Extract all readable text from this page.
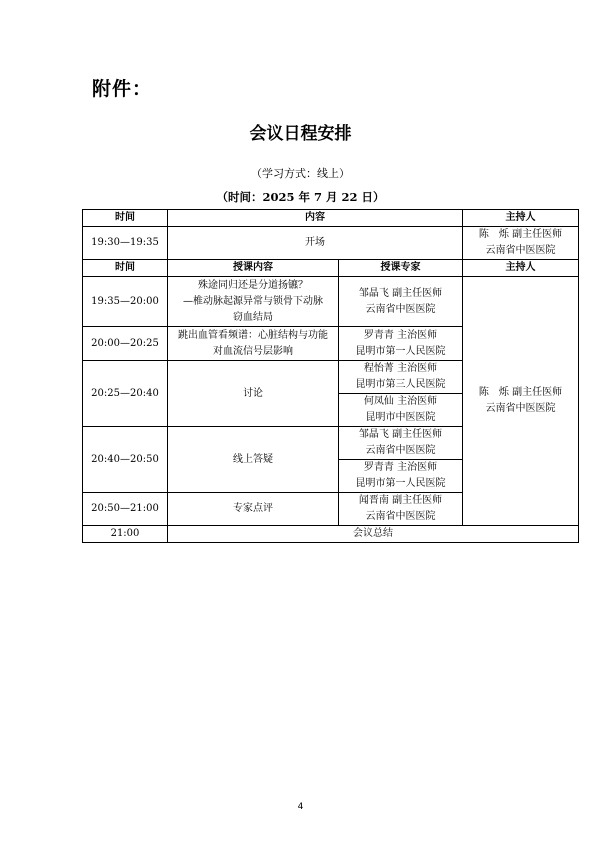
附件：
会议日程安排
（学习方式：线上）
（时间：2025 年 7 月 22 日）
时间	内容		主持人
19:30—19:35	开场		陈　烁 副主任医师
云南省中医医院

时间	授课内容	授课专家	主持人
19:35—20:00	殊途同归还是分道扬镳？
—椎动脉起源异常与锁骨下动脉
窃血结局	邹晶飞 副主任医师
云南省中医医院	陈　烁 副主任医师
云南省中医医院

20:00—20:25	跳出血管看频谱：心脏结构与功能
对血流信号层影响	罗青青 主治医师
昆明市第一人民医院	

20:25—20:40	讨论	程怡菁 主治医师
昆明市第三人民医院	

		何凤仙 主治医师
昆明市中医医院	

20:40—20:50	线上答疑	邹晶飞 副主任医师
云南省中医医院	

		罗青青 主治医师
昆明市第一人民医院	

20:50—21:00	专家点评	闻晋南 副主任医师
云南省中医医院	

21:00	会议总结		
4
